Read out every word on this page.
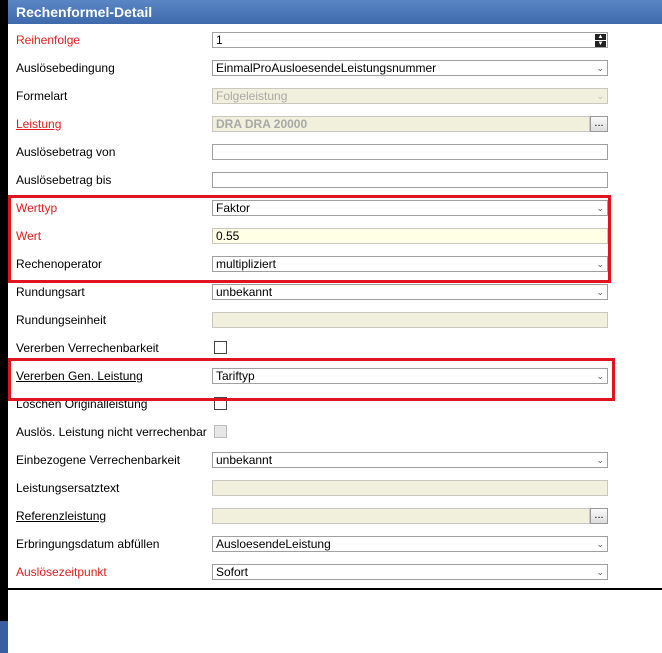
Rechenformel-Detail
Reihenfolge	1	▲
▼
Auslösebedingung	EinmalProAusloesendeLeistungsnummer	⌄
Formelart	Folgeleistung	⌄
Leistung	DRA DRA 20000	...
Auslösebetrag von
Auslösebetrag bis
Werttyp	Faktor	⌄
Wert	0.55
Rechenoperator	multipliziert	⌄
Rundungsart	unbekannt	⌄
Rundungseinheit
Vererben Verrechenbarkeit
Vererben Gen. Leistung	Tariftyp	⌄
Löschen Originalleistung
Auslös. Leistung nicht verrechenbar
Einbezogene Verrechenbarkeit	unbekannt	⌄
Leistungsersatztext
Referenzleistung	...
Erbringungsdatum abfüllen	AusloesendeLeistung	⌄
Auslösezeitpunkt	Sofort	⌄
